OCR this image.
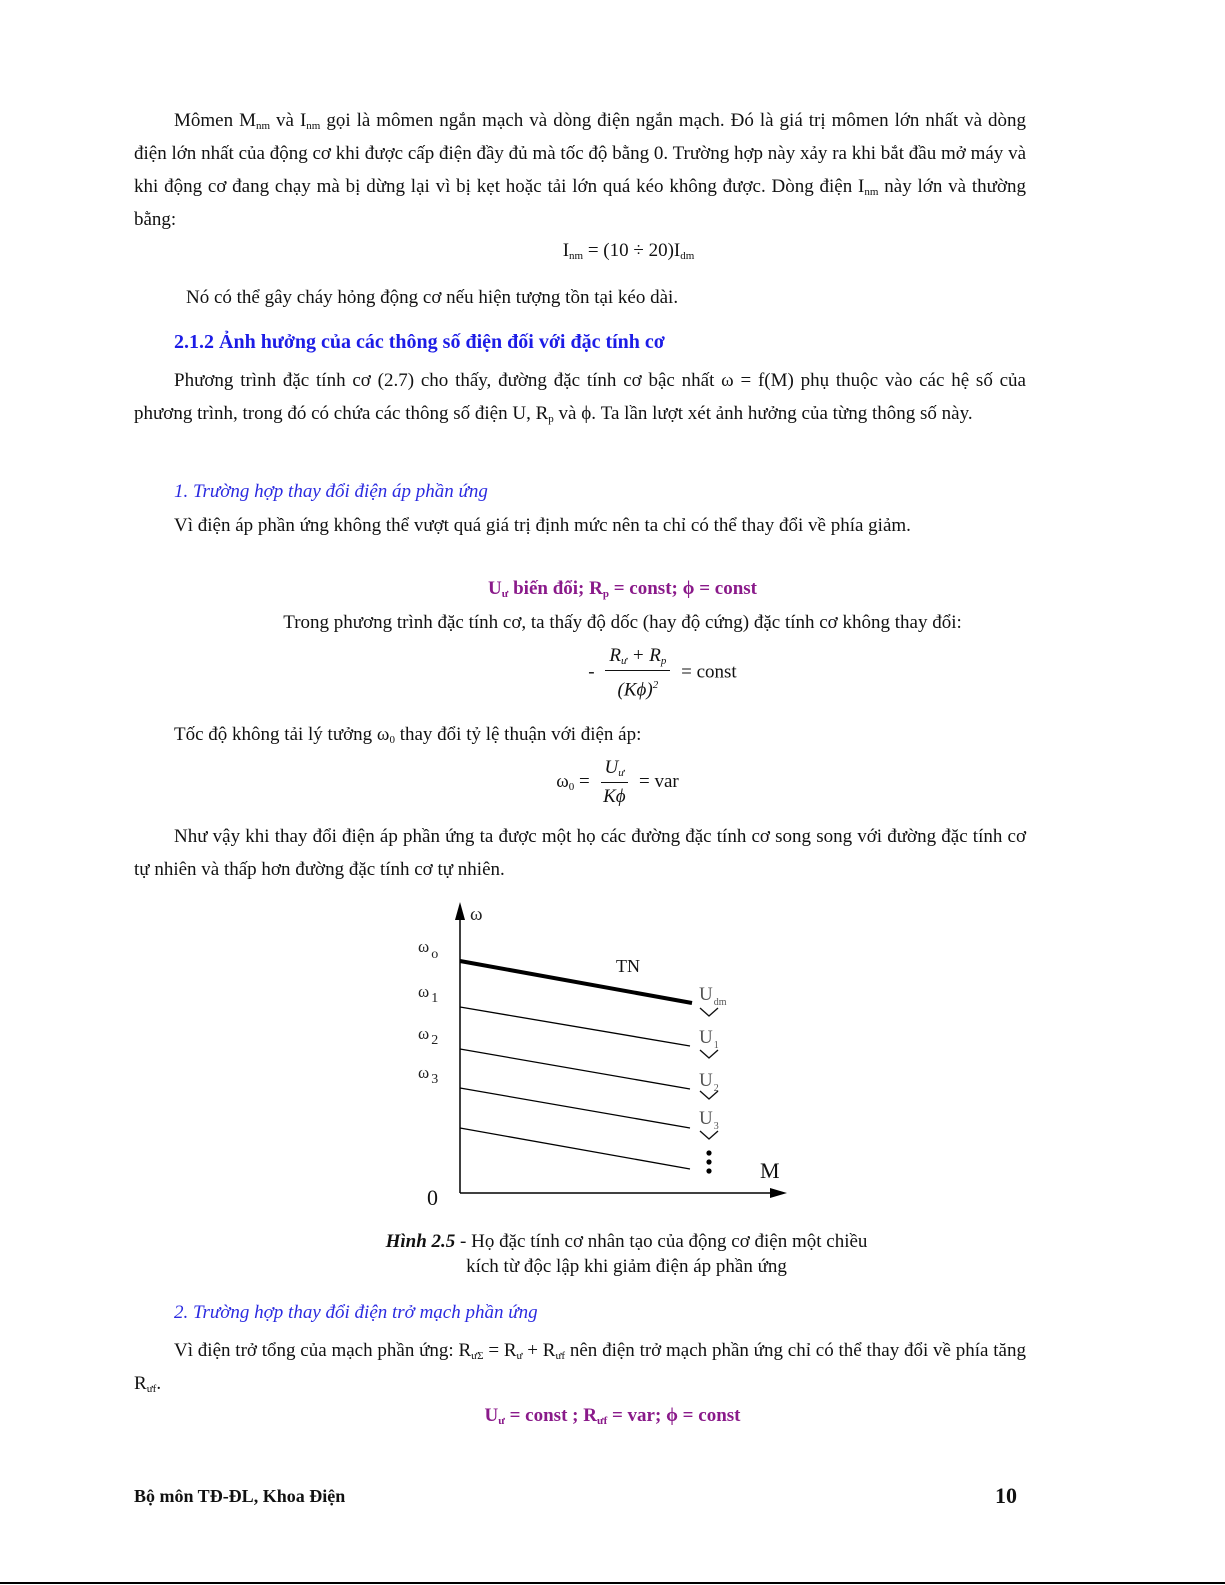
Mômen $M_{nm}$ và $I_{nm}$ gọi là mômen ngắn mạch và dòng điện ngắn mạch. Đó là giá trị mômen lớn nhất và dòng điện lớn nhất của động cơ khi được cấp điện đầy đủ mà tốc độ bằng 0. Trường hợp này xảy ra khi bắt đầu mở máy và khi động cơ đang chạy mà bị dừng lại vì bị kẹt hoặc tải lớn quá kéo không được. Dòng điện $I_{nm}$ này lớn và thường bằng:

$I_{nm} = (10 \div 20)I_{dm}$

Nó có thể gây cháy hỏng động cơ nếu hiện tượng tồn tại kéo dài.

2.1.2 Ảnh hưởng của các thông số điện đối với đặc tính cơ

Phương trình đặc tính cơ (2.7) cho thấy, đường đặc tính cơ bậc nhất ω = f(M) phụ thuộc vào các hệ số của phương trình, trong đó có chứa các thông số điện U, $R_p$ và ϕ. Ta lần lượt xét ảnh hưởng của từng thông số này.

1. Trường hợp thay đổi điện áp phần ứng

Vì điện áp phần ứng không thể vượt quá giá trị định mức nên ta chỉ có thể thay đổi về phía giảm.

$U_ư$ biến đổi; $R_p$ = const; ϕ = const

Trong phương trình đặc tính cơ, ta thấy độ dốc (hay độ cứng) đặc tính cơ không thay đổi:

- $\frac{R_ư + R_p}{(K\phi)^2}$ = const

Tốc độ không tải lý tưởng $\omega_0$ thay đổi tỷ lệ thuận với điện áp:

$\omega_0 = \frac{U_ư}{K\phi}$ = var

Như vậy khi thay đổi điện áp phần ứng ta được một họ các đường đặc tính cơ song song với đường đặc tính cơ tự nhiên và thấp hơn đường đặc tính cơ tự nhiên.

ω
M
0
TN
ω $_o$
ω $_1$
ω $_2$
ω $_3$
$U_{dm}$
$U_1$
$U_2$
$U_3$

Hình 2.5 - Họ đặc tính cơ nhân tạo của động cơ điện một chiều

kích từ độc lập khi giảm điện áp phần ứng

2. Trường hợp thay đổi điện trở mạch phần ứng

Vì điện trở tổng của mạch phần ứng: $R_{ư\Sigma} = R_ư + R_{ưf}$ nên điện trở mạch phần ứng chỉ có thể thay đổi về phía tăng $R_{ưf}$.

$U_ư$ = const ; $R_{ưf}$ = var; ϕ = const

Bộ môn TĐ-ĐL, Khoa Điện	10
